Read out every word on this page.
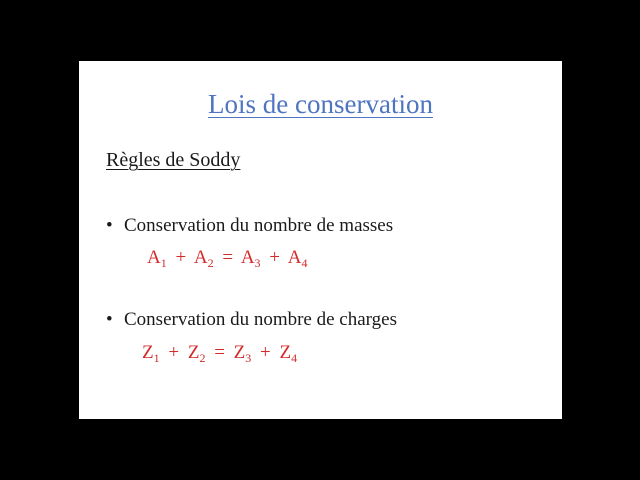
Lois de conservation
Règles de Soddy
• Conservation du nombre de masses
$A_1 + A_2 = A_3 + A_4$
• Conservation du nombre de charges
$Z_1 + Z_2 = Z_3 + Z_4$
